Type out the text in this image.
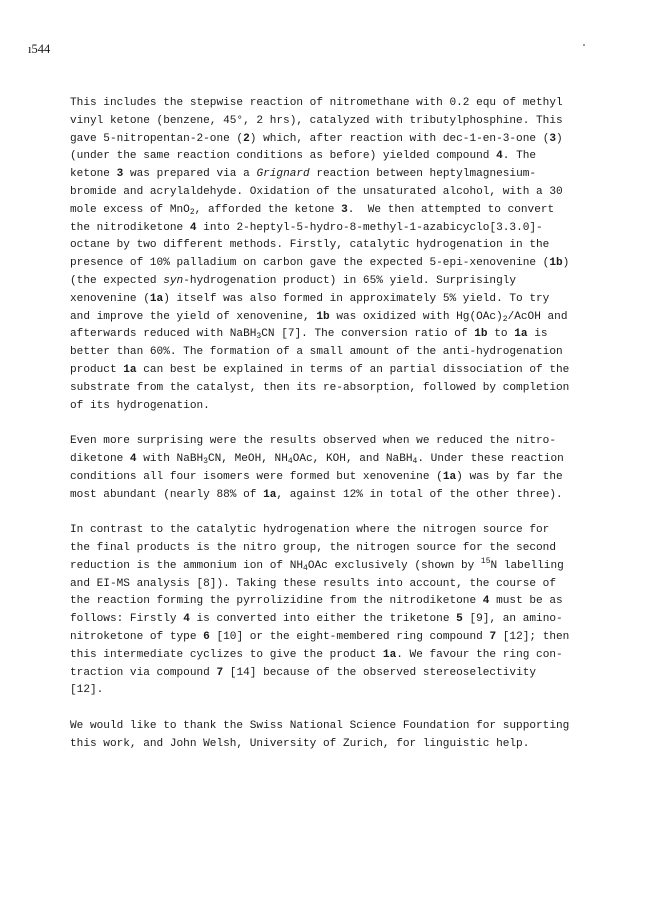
ı544
This includes the stepwise reaction of nitromethane with 0.2 equ of methyl
vinyl ketone (benzene, 45°, 2 hrs), catalyzed with tributylphosphine. This
gave 5-nitropentan-2-one (2) which, after reaction with dec-1-en-3-one (3)
(under the same reaction conditions as before) yielded compound 4. The
ketone 3 was prepared via a Grignard reaction between heptylmagnesium-
bromide and acrylaldehyde. Oxidation of the unsaturated alcohol, with a 30
mole excess of MnO$_2$, afforded the ketone 3.  We then attempted to convert
the nitrodiketone 4 into 2-heptyl-5-hydro-8-methyl-1-azabicyclo[3.3.0]-
octane by two different methods. Firstly, catalytic hydrogenation in the
presence of 10% palladium on carbon gave the expected 5-epi-xenovenine (1b)
(the expected syn-hydrogenation product) in 65% yield. Surprisingly
xenovenine (1a) itself was also formed in approximately 5% yield. To try
and improve the yield of xenovenine, 1b was oxidized with $Hg(OAc)_2$/AcOH and
afterwards reduced with NaBH$_3$CN [7]. The conversion ratio of 1b to 1a is
better than 60%. The formation of a small amount of the anti-hydrogenation
product 1a can best be explained in terms of an partial dissociation of the
substrate from the catalyst, then its re-absorption, followed by completion
of its hydrogenation.
Even more surprising were the results observed when we reduced the nitro-
diketone 4 with NaBH$_3$CN, MeOH, $NH_4OAc$, KOH, and NaBH$_4$. Under these reaction
conditions all four isomers were formed but xenovenine (1a) was by far the
most abundant (nearly 88% of 1a, against 12% in total of the other three).
In contrast to the catalytic hydrogenation where the nitrogen source for
the final products is the nitro group, the nitrogen source for the second
reduction is the ammonium ion of $NH_4OAc$ exclusively (shown by $^{15}$N labelling
and EI-MS analysis [8]). Taking these results into account, the course of
the reaction forming the pyrrolizidine from the nitrodiketone 4 must be as
follows: Firstly 4 is converted into either the triketone 5 [9], an amino-
nitroketone of type 6 [10] or the eight-membered ring compound 7 [12]; then
this intermediate cyclizes to give the product 1a. We favour the ring con-
traction via compound 7 [14] because of the observed stereoselectivity
[12].
We would like to thank the Swiss National Science Foundation for supporting
this work, and John Welsh, University of Zurich, for linguistic help.
